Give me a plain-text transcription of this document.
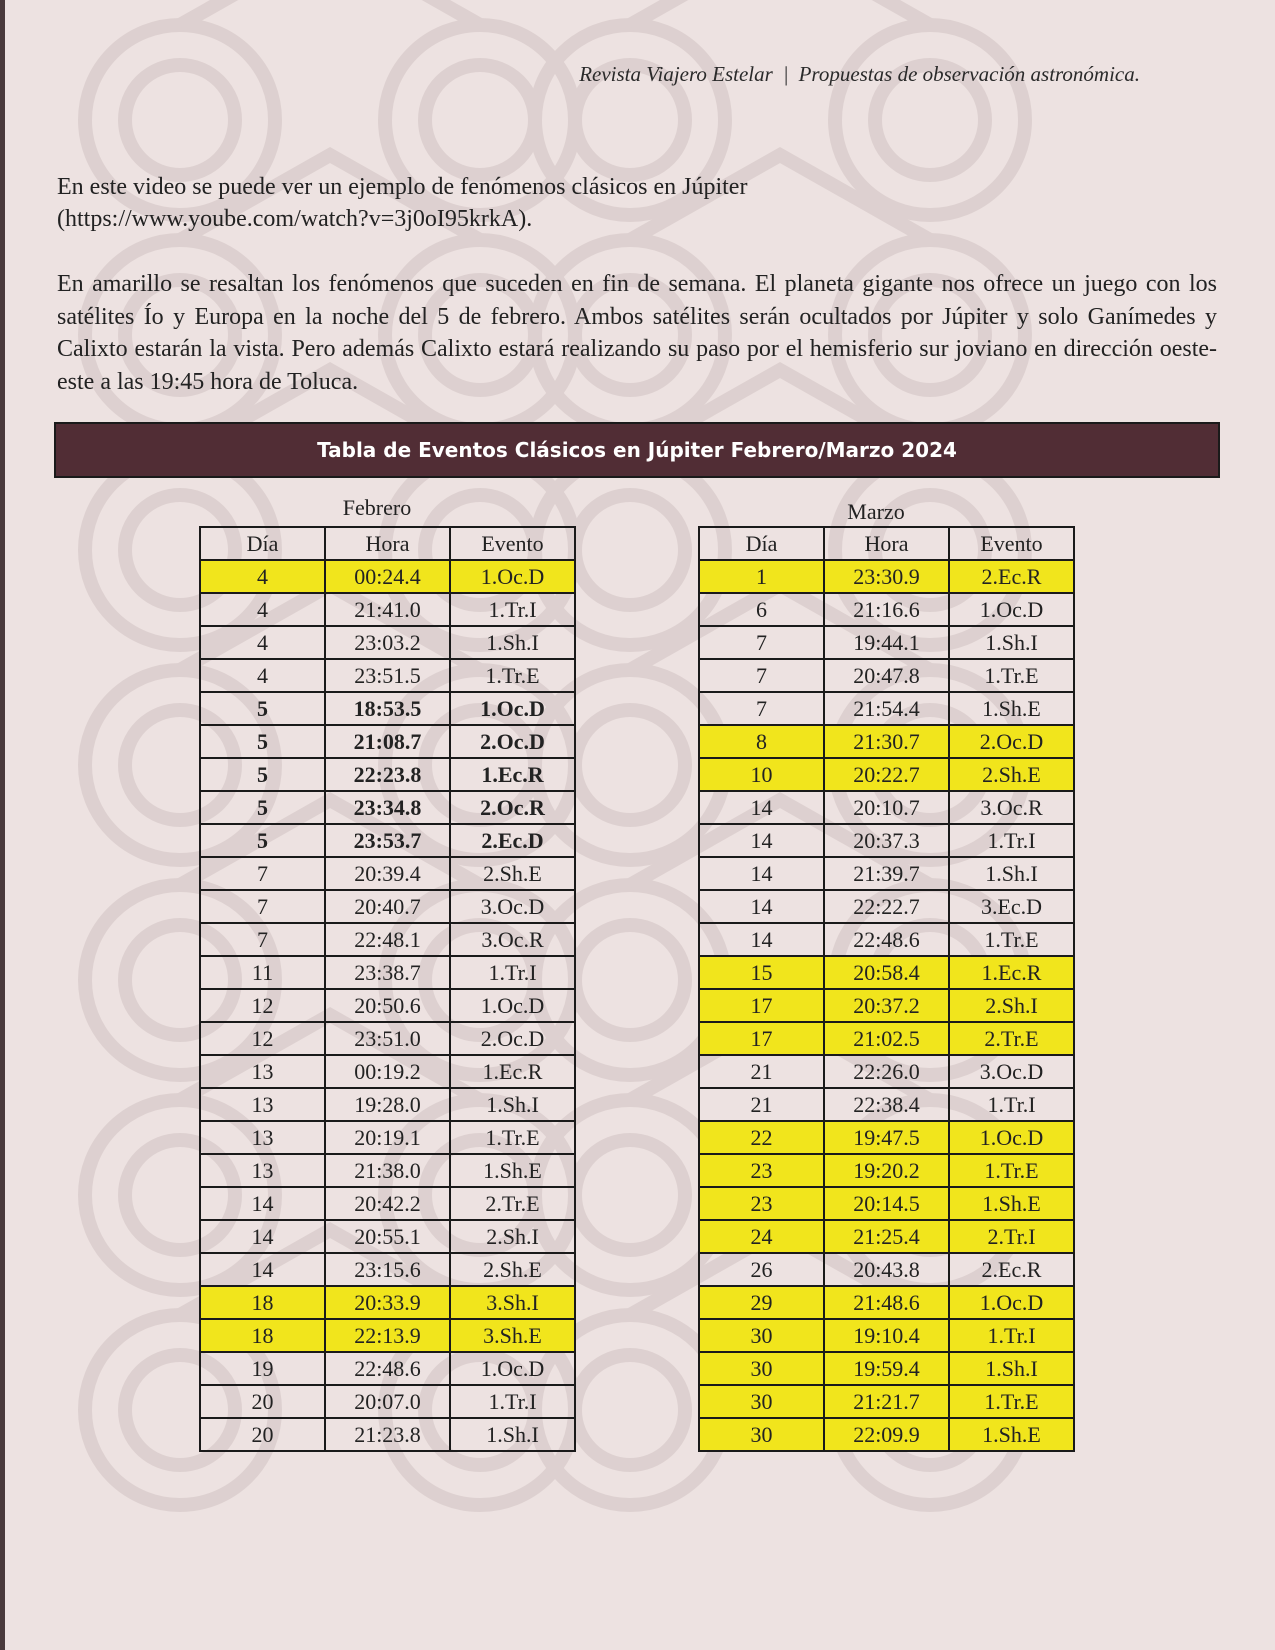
Revista Viajero Estelar | Propuestas de observación astronómica.
En este video se puede ver un ejemplo de fenómenos clásicos en Júpiter
(https://www.yoube.com/watch?v=3j0oI95krkA).
En amarillo se resaltan los fenómenos que suceden en fin de semana. El planeta gigante nos ofrece un juego con los satélites Ío y Europa en la noche del 5 de febrero. Ambos satélites serán ocultados por Júpiter y solo Ganímedes y Calixto estarán la vista. Pero además Calixto estará realizando su paso por el hemisferio sur joviano en dirección oeste-este a las 19:45 hora de Toluca.
Tabla de Eventos Clásicos en Júpiter Febrero/Marzo 2024
Febrero	Marzo
Día	Hora	Evento
4	00:24.4	1.Oc.D
4	21:41.0	1.Tr.I
4	23:03.2	1.Sh.I
4	23:51.5	1.Tr.E
5	18:53.5	1.Oc.D
5	21:08.7	2.Oc.D
5	22:23.8	1.Ec.R
5	23:34.8	2.Oc.R
5	23:53.7	2.Ec.D
7	20:39.4	2.Sh.E
7	20:40.7	3.Oc.D
7	22:48.1	3.Oc.R
11	23:38.7	1.Tr.I
12	20:50.6	1.Oc.D
12	23:51.0	2.Oc.D
13	00:19.2	1.Ec.R
13	19:28.0	1.Sh.I
13	20:19.1	1.Tr.E
13	21:38.0	1.Sh.E
14	20:42.2	2.Tr.E
14	20:55.1	2.Sh.I
14	23:15.6	2.Sh.E
18	20:33.9	3.Sh.I
18	22:13.9	3.Sh.E
19	22:48.6	1.Oc.D
20	20:07.0	1.Tr.I
20	21:23.8	1.Sh.I
Día	Hora	Evento
1	23:30.9	2.Ec.R
6	21:16.6	1.Oc.D
7	19:44.1	1.Sh.I
7	20:47.8	1.Tr.E
7	21:54.4	1.Sh.E
8	21:30.7	2.Oc.D
10	20:22.7	2.Sh.E
14	20:10.7	3.Oc.R
14	20:37.3	1.Tr.I
14	21:39.7	1.Sh.I
14	22:22.7	3.Ec.D
14	22:48.6	1.Tr.E
15	20:58.4	1.Ec.R
17	20:37.2	2.Sh.I
17	21:02.5	2.Tr.E
21	22:26.0	3.Oc.D
21	22:38.4	1.Tr.I
22	19:47.5	1.Oc.D
23	19:20.2	1.Tr.E
23	20:14.5	1.Sh.E
24	21:25.4	2.Tr.I
26	20:43.8	2.Ec.R
29	21:48.6	1.Oc.D
30	19:10.4	1.Tr.I
30	19:59.4	1.Sh.I
30	21:21.7	1.Tr.E
30	22:09.9	1.Sh.E
